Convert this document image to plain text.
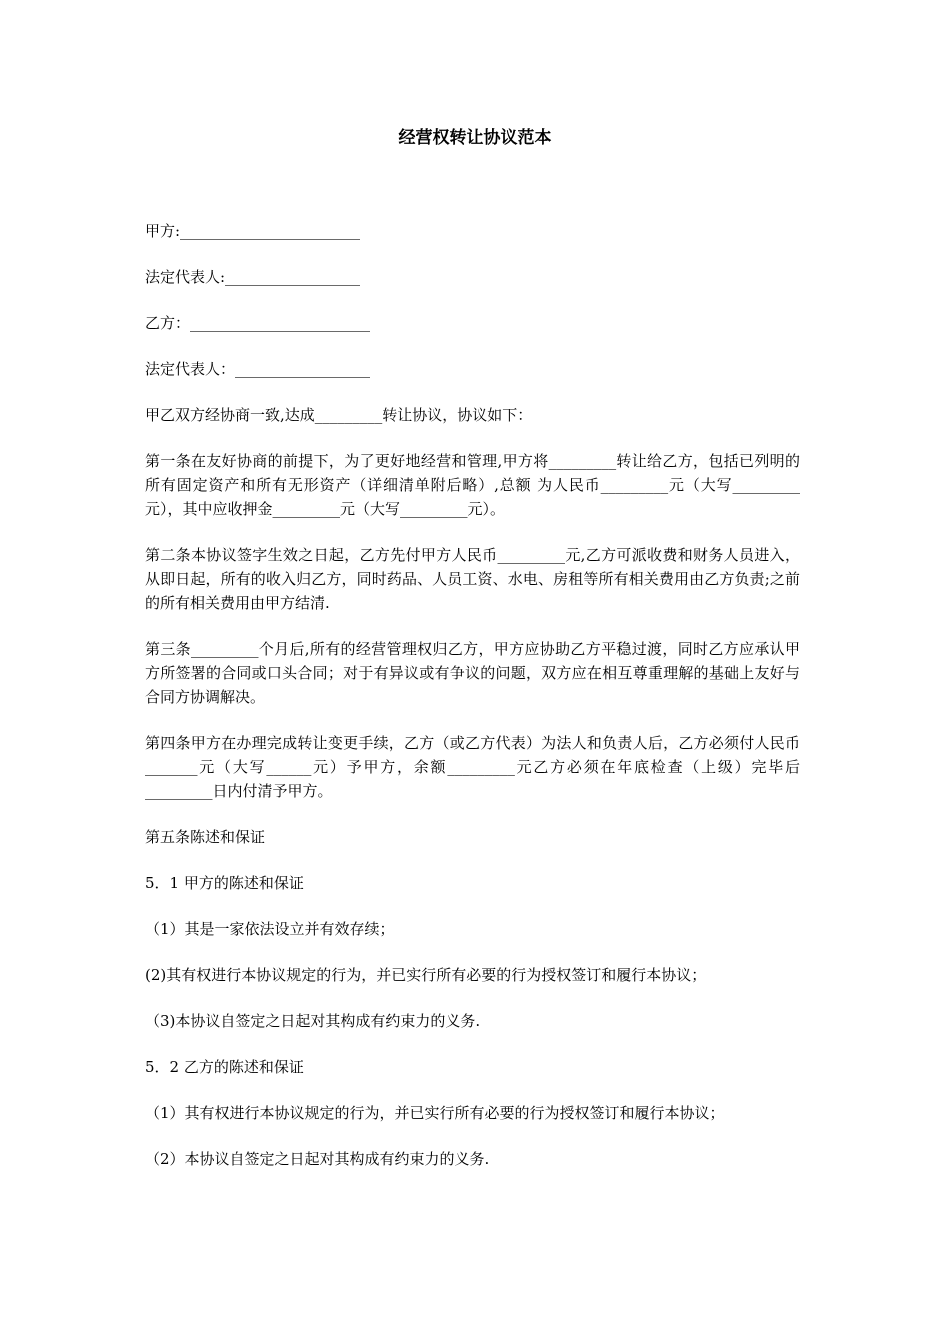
经营权转让协议范本

甲方:________________________

法定代表人:__________________

乙方：________________________

法定代表人：__________________

甲乙双方经协商一致,达成_________转让协议，协议如下：

第一条在友好协商的前提下，为了更好地经营和管理,甲方将_________转让给乙方，包括已列明的所有固定资产和所有无形资产（详细清单附后略）,总额 为人民币_________元（大写_________元），其中应收押金_________元（大写_________元）。

第二条本协议签字生效之日起，乙方先付甲方人民币_________元,乙方可派收费和财务人员进入，从即日起，所有的收入归乙方，同时药品、人员工资、水电、房租等所有相关费用由乙方负责;之前的所有相关费用由甲方结清.

第三条_________个月后,所有的经营管理权归乙方，甲方应协助乙方平稳过渡，同时乙方应承认甲方所签署的合同或口头合同；对于有异议或有争议的问题，双方应在相互尊重理解的基础上友好与合同方协调解决。

第四条甲方在办理完成转让变更手续，乙方（或乙方代表）为法人和负责人后，乙方必须付人民币_______元（大写______元）予甲方，余额_________元乙方必须在年底检查（上级）完毕后_________日内付清予甲方。

第五条陈述和保证

5．1 甲方的陈述和保证

（1）其是一家依法设立并有效存续；

(2)其有权进行本协议规定的行为，并已实行所有必要的行为授权签订和履行本协议；

（3)本协议自签定之日起对其构成有约束力的义务.

5．2 乙方的陈述和保证

（1）其有权进行本协议规定的行为，并已实行所有必要的行为授权签订和履行本协议；

（2）本协议自签定之日起对其构成有约束力的义务.
